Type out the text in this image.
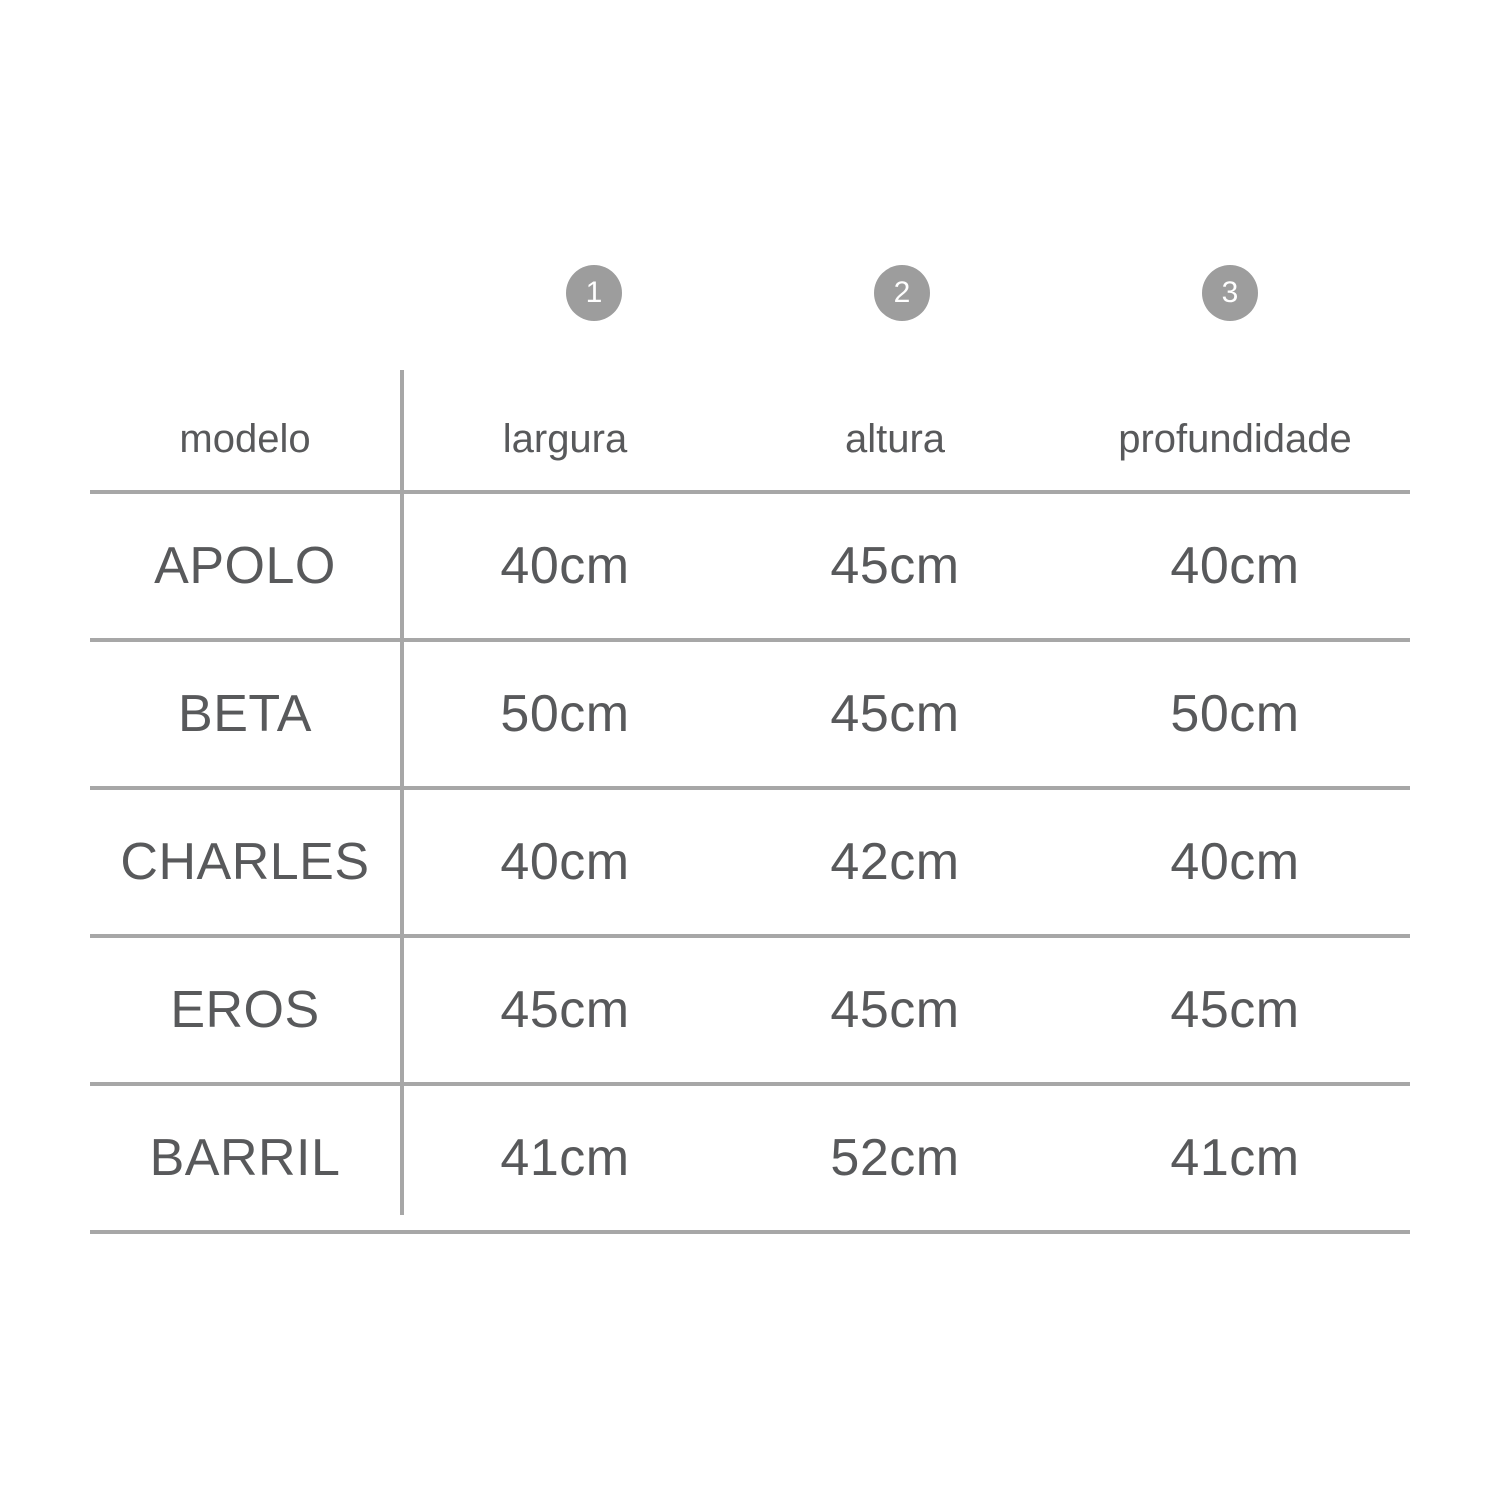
1	2	3
modelo	largura	altura	profundidade
APOLO	40cm	45cm	40cm
BETA	50cm	45cm	50cm
CHARLES	40cm	42cm	40cm
EROS	45cm	45cm	45cm
BARRIL	41cm	52cm	41cm
